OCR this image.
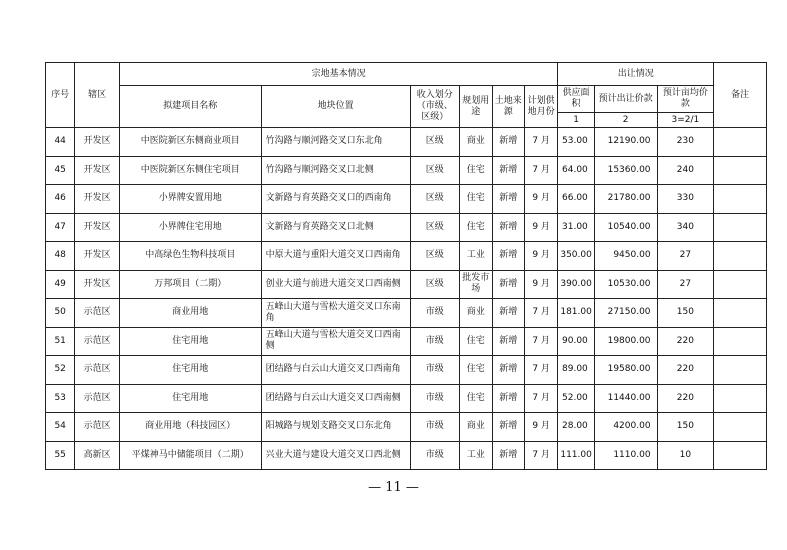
序号	辖区	宗地基本情况						出让情况			备注
		拟建项目名称	地块位置	收入划分（市级、区级）	规划用途	土地来源	计划供地月份	供应面积	预计出让价款	预计亩均价款	
								1	2	3=2/1	
44	开发区	中医院新区东侧商业项目	竹沟路与顺河路交叉口东北角	区级	商业	新增	7 月	53.00	12190.00	230	
45	开发区	中医院新区东侧住宅项目	竹沟路与顺河路交叉口北侧	区级	住宅	新增	7 月	64.00	15360.00	240	
46	开发区	小界牌安置用地	文新路与育英路交叉口的西南角	区级	住宅	新增	9 月	66.00	21780.00	330	
47	开发区	小界牌住宅用地	文新路与育英路交叉口北侧	区级	住宅	新增	9 月	31.00	10540.00	340	
48	开发区	中高绿色生物科技项目	中原大道与重阳大道交叉口西南角	区级	工业	新增	9 月	350.00	9450.00	27	
49	开发区	万邦项目（二期）	创业大道与前进大道交叉口西南侧	区级	批发市场	新增	9 月	390.00	10530.00	27	
50	示范区	商业用地	五峰山大道与雪松大道交叉口东南角	市级	商业	新增	7 月	181.00	27150.00	150	
51	示范区	住宅用地	五峰山大道与雪松大道交叉口西南侧	市级	住宅	新增	7 月	90.00	19800.00	220	
52	示范区	住宅用地	团结路与白云山大道交叉口西南角	市级	住宅	新增	7 月	89.00	19580.00	220	
53	示范区	住宅用地	团结路与白云山大道交叉口西南侧	市级	住宅	新增	7 月	52.00	11440.00	220	
54	示范区	商业用地（科技园区）	阳城路与规划支路交叉口东北角	市级	商业	新增	9 月	28.00	4200.00	150	
55	高新区	平煤神马中储能项目（二期）	兴业大道与建设大道交叉口西北侧	市级	工业	新增	7 月	111.00	1110.00	10	
— 11 —
